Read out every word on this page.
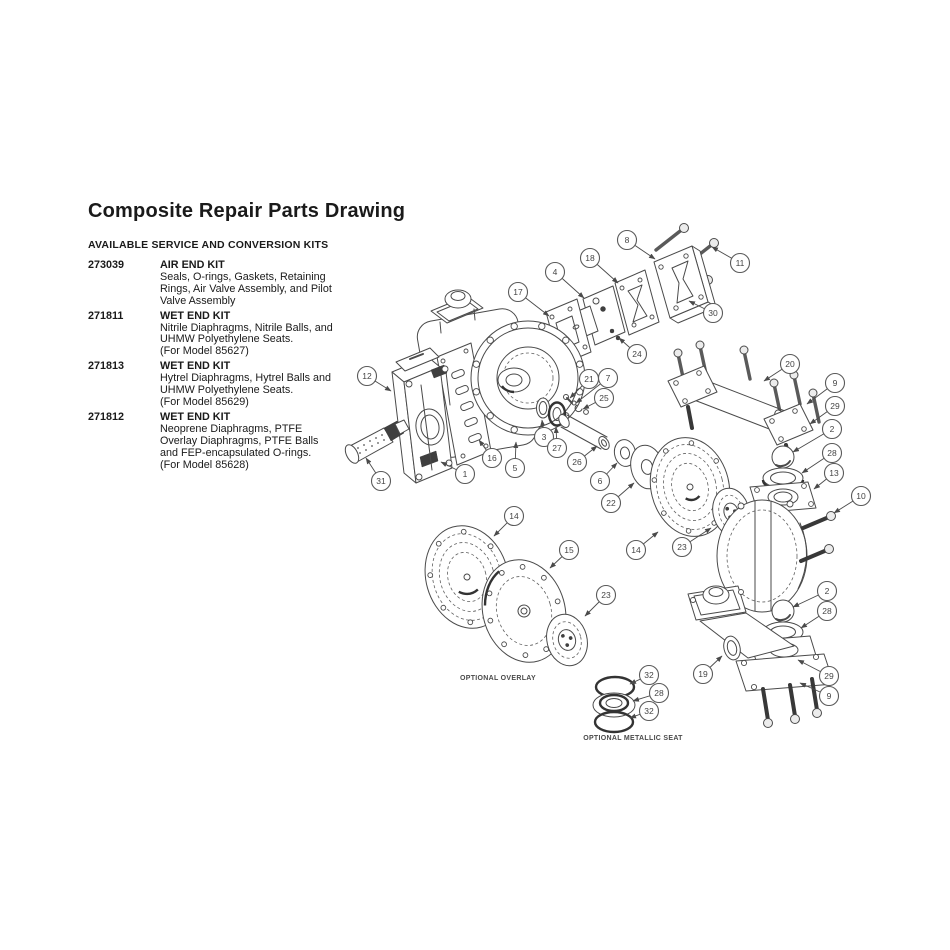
Composite Repair Parts Drawing
AVAILABLE SERVICE AND CONVERSION KITS
273039	AIR END KIT
Seals, O-rings, Gaskets, Retaining
Rings, Air Valve Assembly, and Pilot
Valve Assembly
271811	WET END KIT
Nitrile Diaphragms, Nitrile Balls, and
UHMW Polyethylene Seats.
(For Model 85627)
271813	WET END KIT
Hytrel Diaphragms, Hytrel Balls and
UHMW Polyethylene Seats.
(For Model 85629)
271812	WET END KIT
Neoprene Diaphragms, PTFE
Overlay Diaphragms, PTFE Balls
and FEP-encapsulated O-rings.
(For Model 85628)
4
17
18
8
11
30
24
21 7
25
12
31
1
16
5
3
27
26
6
22
14	23
14
15
23
20
9
29
2
28
13
10
2
28
19	29
9
32
28
32
OPTIONAL OVERLAY
OPTIONAL METALLIC SEAT
